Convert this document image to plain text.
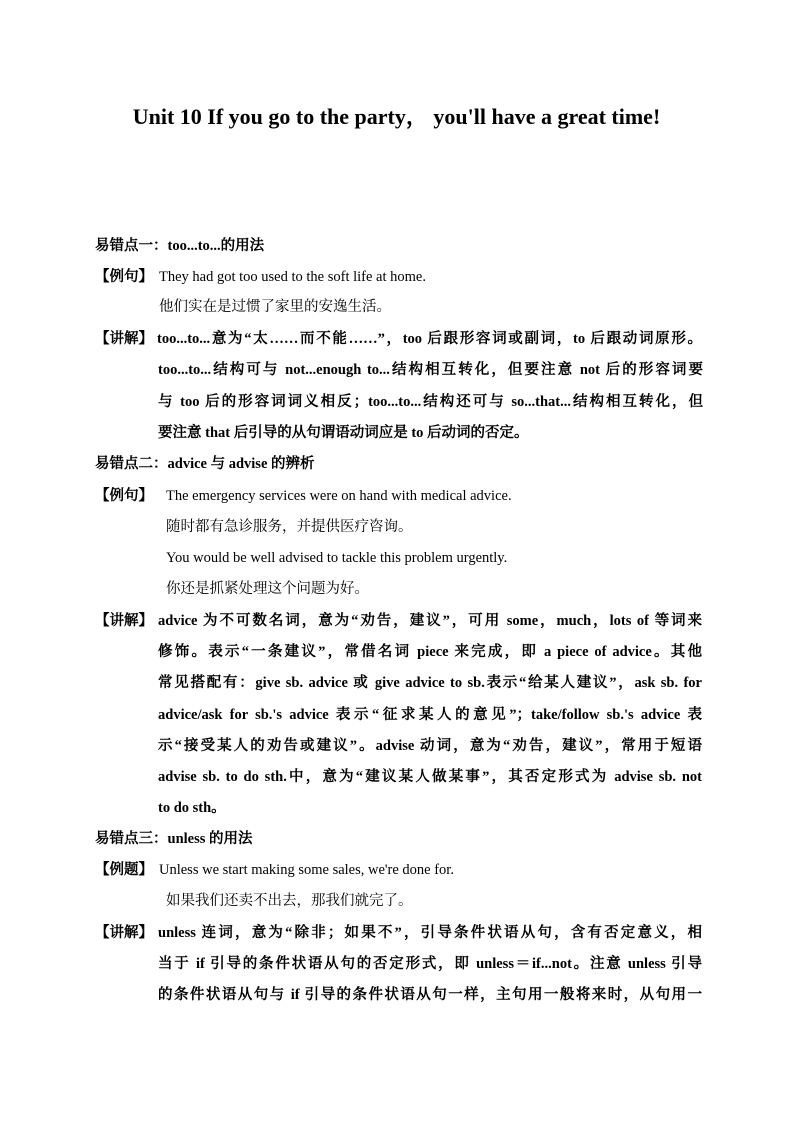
Unit 10 If you go to the party， you'll have a great time!
易错点一：too...to...的用法
【例句】 They had got too used to the soft life at home.
他们实在是过惯了家里的安逸生活。
【讲解】 too...to...意为“太……而不能……”，too 后跟形容词或副词，to 后跟动词原形。
too...to...结构可与 not...enough to...结构相互转化，但要注意 not 后的形容词要
与 too 后的形容词词义相反；too...to...结构还可与 so...that...结构相互转化，但
要注意 that 后引导的从句谓语动词应是 to 后动词的否定。
易错点二：advice 与 advise 的辨析
【例句】 The emergency services were on hand with medical advice.
随时都有急诊服务，并提供医疗咨询。
You would be well advised to tackle this problem urgently.
你还是抓紧处理这个问题为好。
【讲解】 advice 为不可数名词，意为“劝告，建议”，可用 some，much，lots of 等词来
修饰。表示“一条建议”，常借名词 piece 来完成，即 a piece of advice。其他
常见搭配有：give sb. advice 或 give advice to sb.表示“给某人建议”，ask sb. for
advice/ask for sb.'s advice 表示“征求某人的意见”；take/follow sb.'s advice 表
示“接受某人的劝告或建议”。advise 动词，意为“劝告，建议”，常用于短语
advise sb. to do sth.中，意为“建议某人做某事”，其否定形式为 advise sb. not
to do sth。
易错点三：unless 的用法
【例题】 Unless we start making some sales, we're done for.
如果我们还卖不出去，那我们就完了。
【讲解】 unless 连词，意为“除非；如果不”，引导条件状语从句，含有否定意义，相
当于 if 引导的条件状语从句的否定形式，即 unless＝if...not。注意 unless 引导
的条件状语从句与 if 引导的条件状语从句一样，主句用一般将来时，从句用一
